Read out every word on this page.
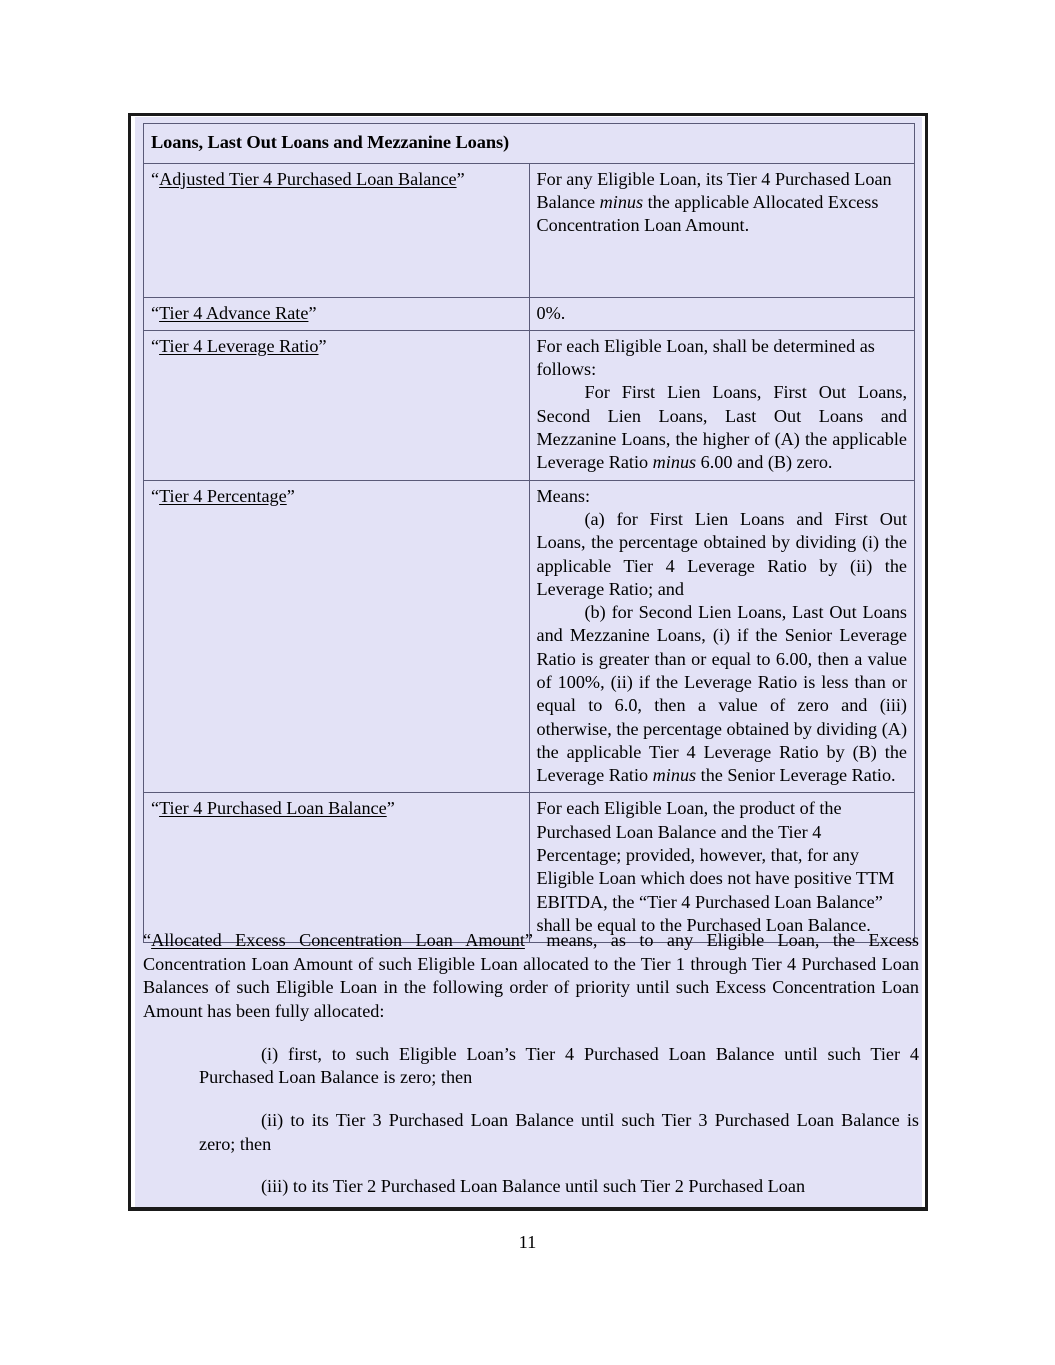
Loans, Last Out Loans and Mezzanine Loans)	
“Adjusted Tier 4 Purchased Loan Balance”	For any Eligible Loan, its Tier 4 Purchased Loan Balance minus the applicable Allocated Excess Concentration Loan Amount.
“Tier 4 Advance Rate”	0%.
“Tier 4 Leverage Ratio”	For each Eligible Loan, shall be determined as follows:

For First Lien Loans, First Out Loans, Second Lien Loans, Last Out Loans and Mezzanine Loans, the higher of (A) the applicable Leverage Ratio minus 6.00 and (B) zero.

“Tier 4 Percentage”	Means:

(a) for First Lien Loans and First Out Loans, the percentage obtained by dividing (i) the applicable Tier 4 Leverage Ratio by (ii) the Leverage Ratio; and

(b) for Second Lien Loans, Last Out Loans and Mezzanine Loans, (i) if the Senior Leverage Ratio is greater than or equal to 6.00, then a value of 100%, (ii) if the Leverage Ratio is less than or equal to 6.0, then a value of zero and (iii) otherwise, the percentage obtained by dividing (A) the applicable Tier 4 Leverage Ratio by (B) the Leverage Ratio minus the Senior Leverage Ratio.

“Tier 4 Purchased Loan Balance”	For each Eligible Loan, the product of the Purchased Loan Balance and the Tier 4 Percentage; provided, however, that, for any Eligible Loan which does not have positive TTM EBITDA, the “Tier 4 Purchased Loan Balance” shall be equal to the Purchased Loan Balance.

“Allocated Excess Concentration Loan Amount” means, as to any Eligible Loan, the Excess Concentration Loan Amount of such Eligible Loan allocated to the Tier 1 through Tier 4 Purchased Loan Balances of such Eligible Loan in the following order of priority until such Excess Concentration Loan Amount has been fully allocated:

(i) first, to such Eligible Loan’s Tier 4 Purchased Loan Balance until such Tier 4 Purchased Loan Balance is zero; then

(ii) to its Tier 3 Purchased Loan Balance until such Tier 3 Purchased Loan Balance is zero; then

(iii) to its Tier 2 Purchased Loan Balance until such Tier 2 Purchased Loan

11
